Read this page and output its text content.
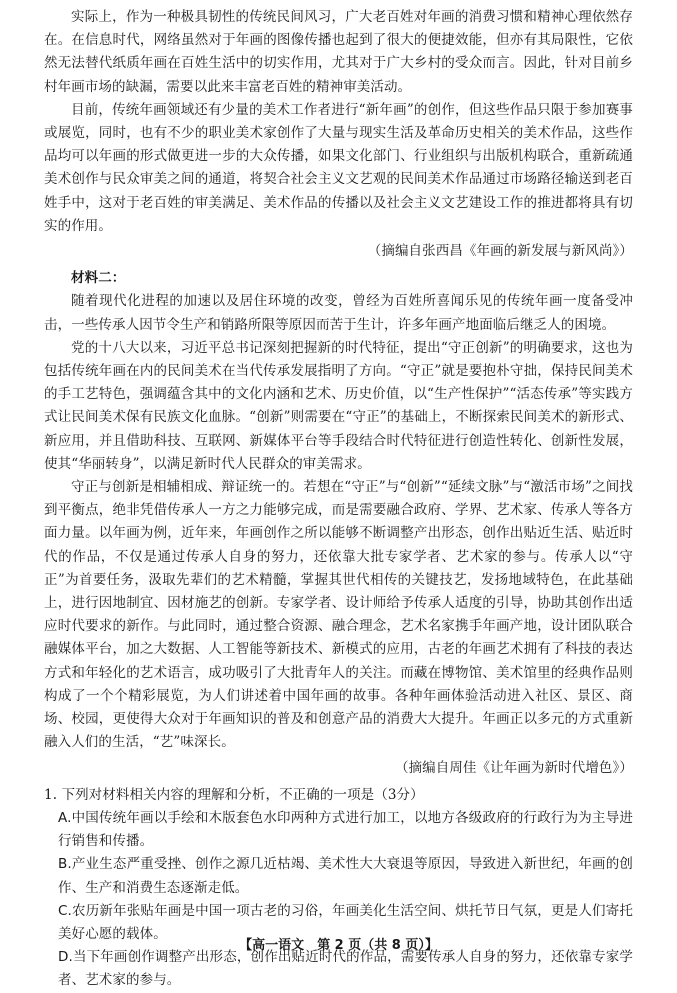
实际上，作为一种极具韧性的传统民间风习，广大老百姓对年画的消费习惯和精神心理依然存在。在信息时代，网络虽然对于年画的图像传播也起到了很大的便捷效能，但亦有其局限性，它依然无法替代纸质年画在百姓生活中的切实作用，尤其对于广大乡村的受众而言。因此，针对目前乡村年画市场的缺漏，需要以此来丰富老百姓的精神审美活动。

目前，传统年画领域还有少量的美术工作者进行“新年画”的创作，但这些作品只限于参加赛事或展览，同时，也有不少的职业美术家创作了大量与现实生活及革命历史相关的美术作品，这些作品均可以年画的形式做更进一步的大众传播，如果文化部门、行业组织与出版机构联合，重新疏通美术创作与民众审美之间的通道，将契合社会主义文艺观的民间美术作品通过市场路径输送到老百姓手中，这对于老百姓的审美满足、美术作品的传播以及社会主义文艺建设工作的推进都将具有切实的作用。

（摘编自张西昌《年画的新发展与新风尚》）

材料二：

随着现代化进程的加速以及居住环境的改变，曾经为百姓所喜闻乐见的传统年画一度备受冲击，一些传承人因节令生产和销路所限等原因而苦于生计，许多年画产地面临后继乏人的困境。

党的十八大以来，习近平总书记深刻把握新的时代特征，提出“守正创新”的明确要求，这也为包括传统年画在内的民间美术在当代传承发展指明了方向。“守正”就是要抱朴守拙，保持民间美术的手工艺特色，强调蕴含其中的文化内涵和艺术、历史价值，以“生产性保护”“活态传承”等实践方式让民间美术保有民族文化血脉。“创新”则需要在“守正”的基础上，不断探索民间美术的新形式、新应用，并且借助科技、互联网、新媒体平台等手段结合时代特征进行创造性转化、创新性发展，使其“华丽转身”，以满足新时代人民群众的审美需求。

守正与创新是相辅相成、辩证统一的。若想在“守正”与“创新”“延续文脉”与“激活市场”之间找到平衡点，绝非凭借传承人一方之力能够完成，而是需要融合政府、学界、艺术家、传承人等各方面力量。以年画为例，近年来，年画创作之所以能够不断调整产出形态，创作出贴近生活、贴近时代的作品，不仅是通过传承人自身的努力，还依靠大批专家学者、艺术家的参与。传承人以“守正”为首要任务，汲取先辈们的艺术精髓，掌握其世代相传的关键技艺，发扬地域特色，在此基础上，进行因地制宜、因材施艺的创新。专家学者、设计师给予传承人适度的引导，协助其创作出适应时代要求的新作。与此同时，通过整合资源、融合理念，艺术名家携手年画产地，设计团队联合融媒体平台，加之大数据、人工智能等新技术、新模式的应用，古老的年画艺术拥有了科技的表达方式和年轻化的艺术语言，成功吸引了大批青年人的关注。而藏在博物馆、美术馆里的经典作品则构成了一个个精彩展览，为人们讲述着中国年画的故事。各种年画体验活动进入社区、景区、商场、校园，更使得大众对于年画知识的普及和创意产品的消费大大提升。年画正以多元的方式重新融入人们的生活，“艺”味深长。

（摘编自周佳《让年画为新时代增色》）

1. 下列对材料相关内容的理解和分析，不正确的一项是（3分）

A.中国传统年画以手绘和木版套色水印两种方式进行加工，以地方各级政府的行政行为为主导进行销售和传播。

B.产业生态严重受挫、创作之源几近枯竭、美术性大大衰退等原因，导致进入新世纪，年画的创作、生产和消费生态逐渐走低。

C.农历新年张贴年画是中国一项古老的习俗，年画美化生活空间、烘托节日气氛，更是人们寄托美好心愿的载体。

D.当下年画创作调整产出形态，创作出贴近时代的作品，需要传承人自身的努力，还依靠专家学者、艺术家的参与。

【高一语文　第 2 页（共 8 页）】
